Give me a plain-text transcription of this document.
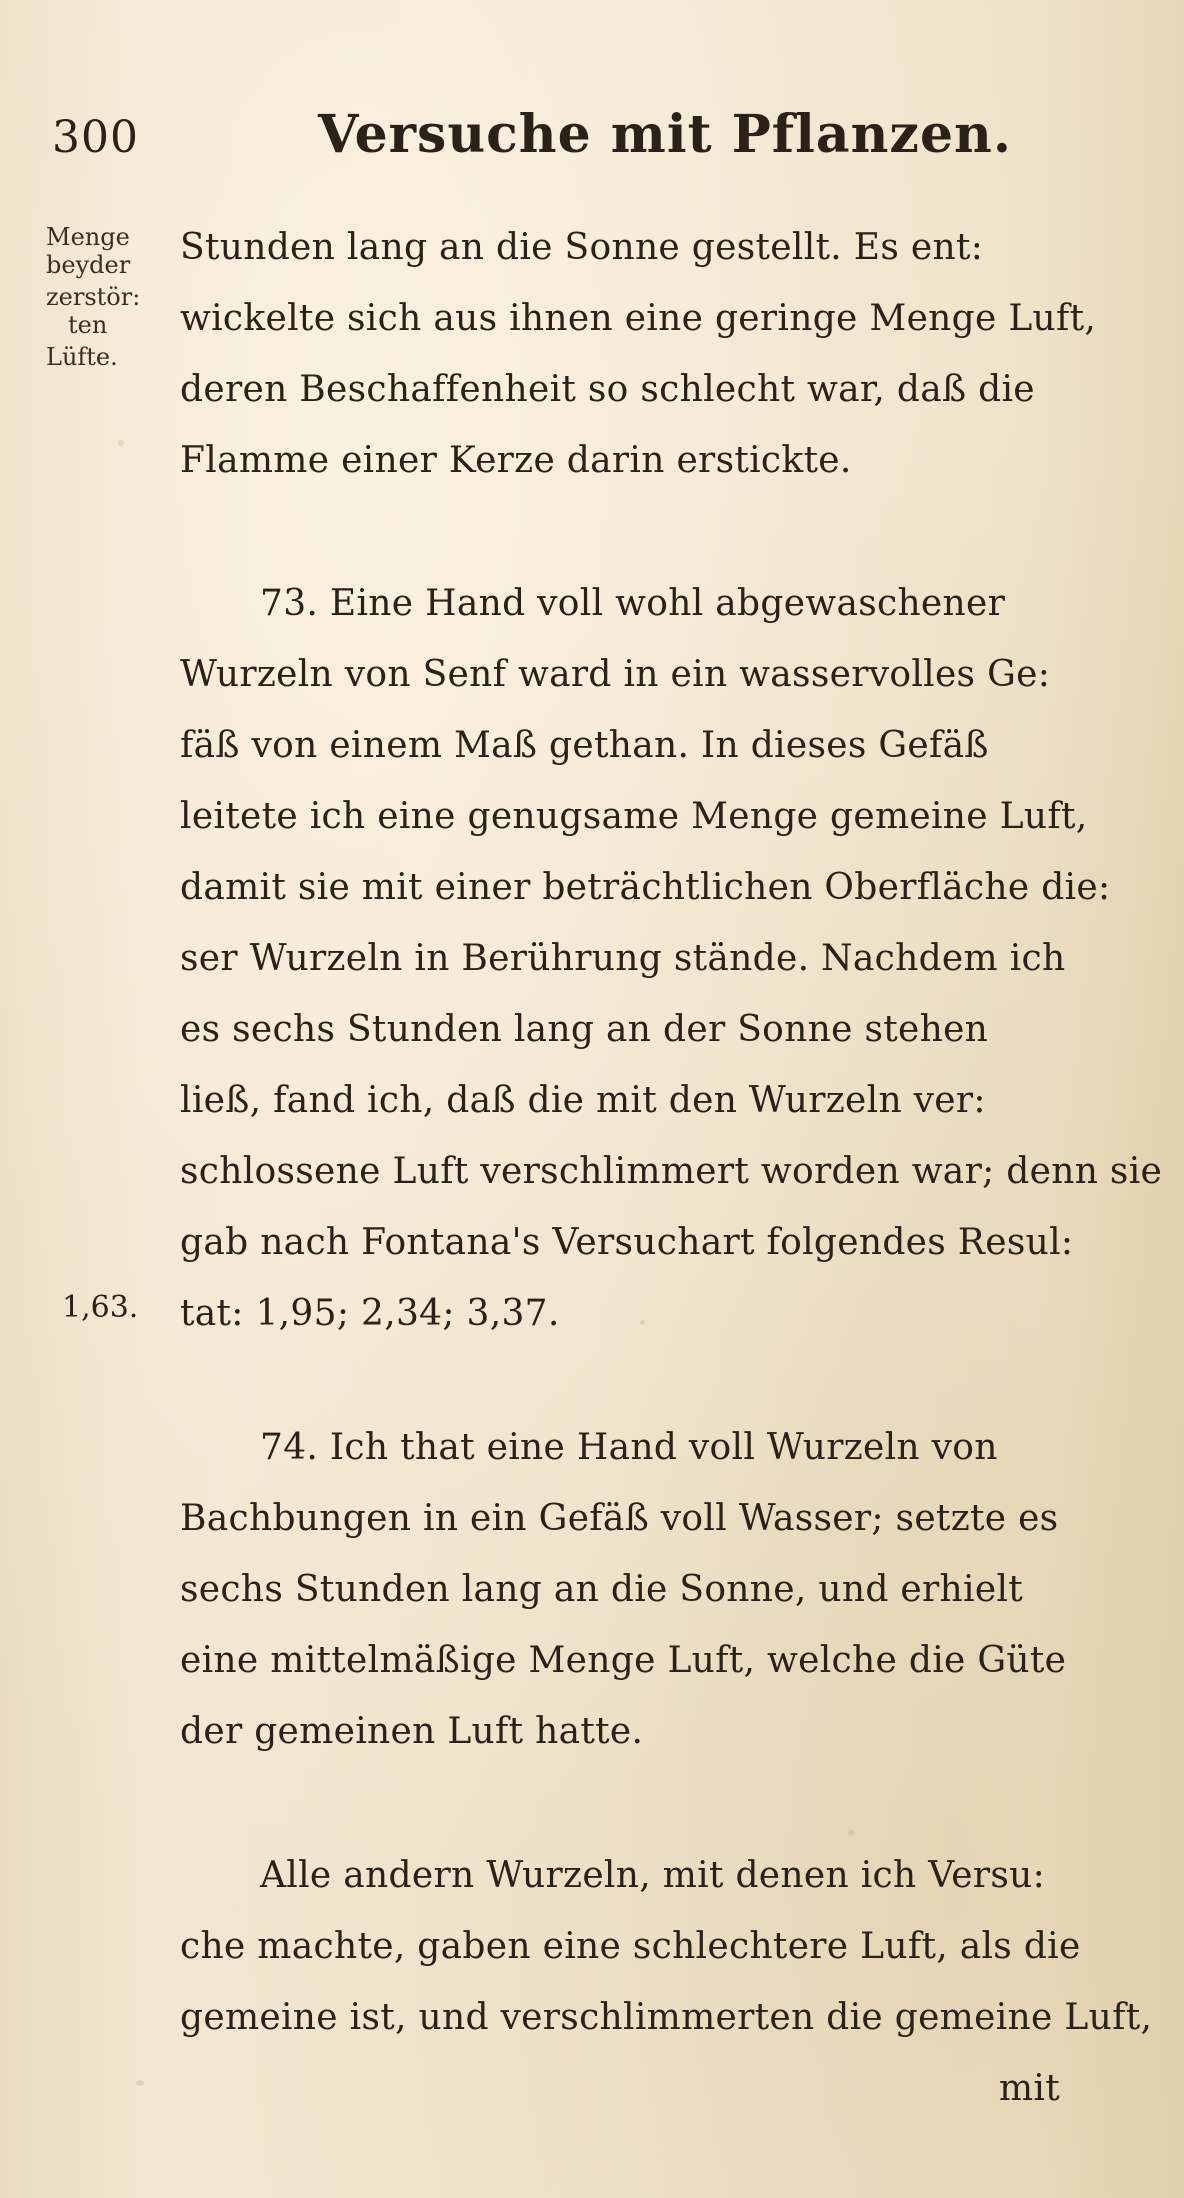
300	Versuche mit Pflanzen.
Menge
beyder
zerstör:
ten
Lüfte.
Stunden lang an die Sonne gestellt. Es ent:
wickelte sich aus ihnen eine geringe Menge Luft,
deren Beschaffenheit so schlecht war, daß die
Flamme einer Kerze darin erstickte.
73. Eine Hand voll wohl abgewaschener
Wurzeln von Senf ward in ein wasservolles Ge:
fäß von einem Maß gethan. In dieses Gefäß
leitete ich eine genugsame Menge gemeine Luft,
damit sie mit einer beträchtlichen Oberfläche die:
ser Wurzeln in Berührung stände. Nachdem ich
es sechs Stunden lang an der Sonne stehen
ließ, fand ich, daß die mit den Wurzeln ver:
schlossene Luft verschlimmert worden war; denn sie
gab nach Fontana's Versuchart folgendes Resul:
tat: 1,95; 2,34; 3,37.
1,63.
74. Ich that eine Hand voll Wurzeln von
Bachbungen in ein Gefäß voll Wasser; setzte es
sechs Stunden lang an die Sonne, und erhielt
eine mittelmäßige Menge Luft, welche die Güte
der gemeinen Luft hatte.
Alle andern Wurzeln, mit denen ich Versu:
che machte, gaben eine schlechtere Luft, als die
gemeine ist, und verschlimmerten die gemeine Luft,
mit
